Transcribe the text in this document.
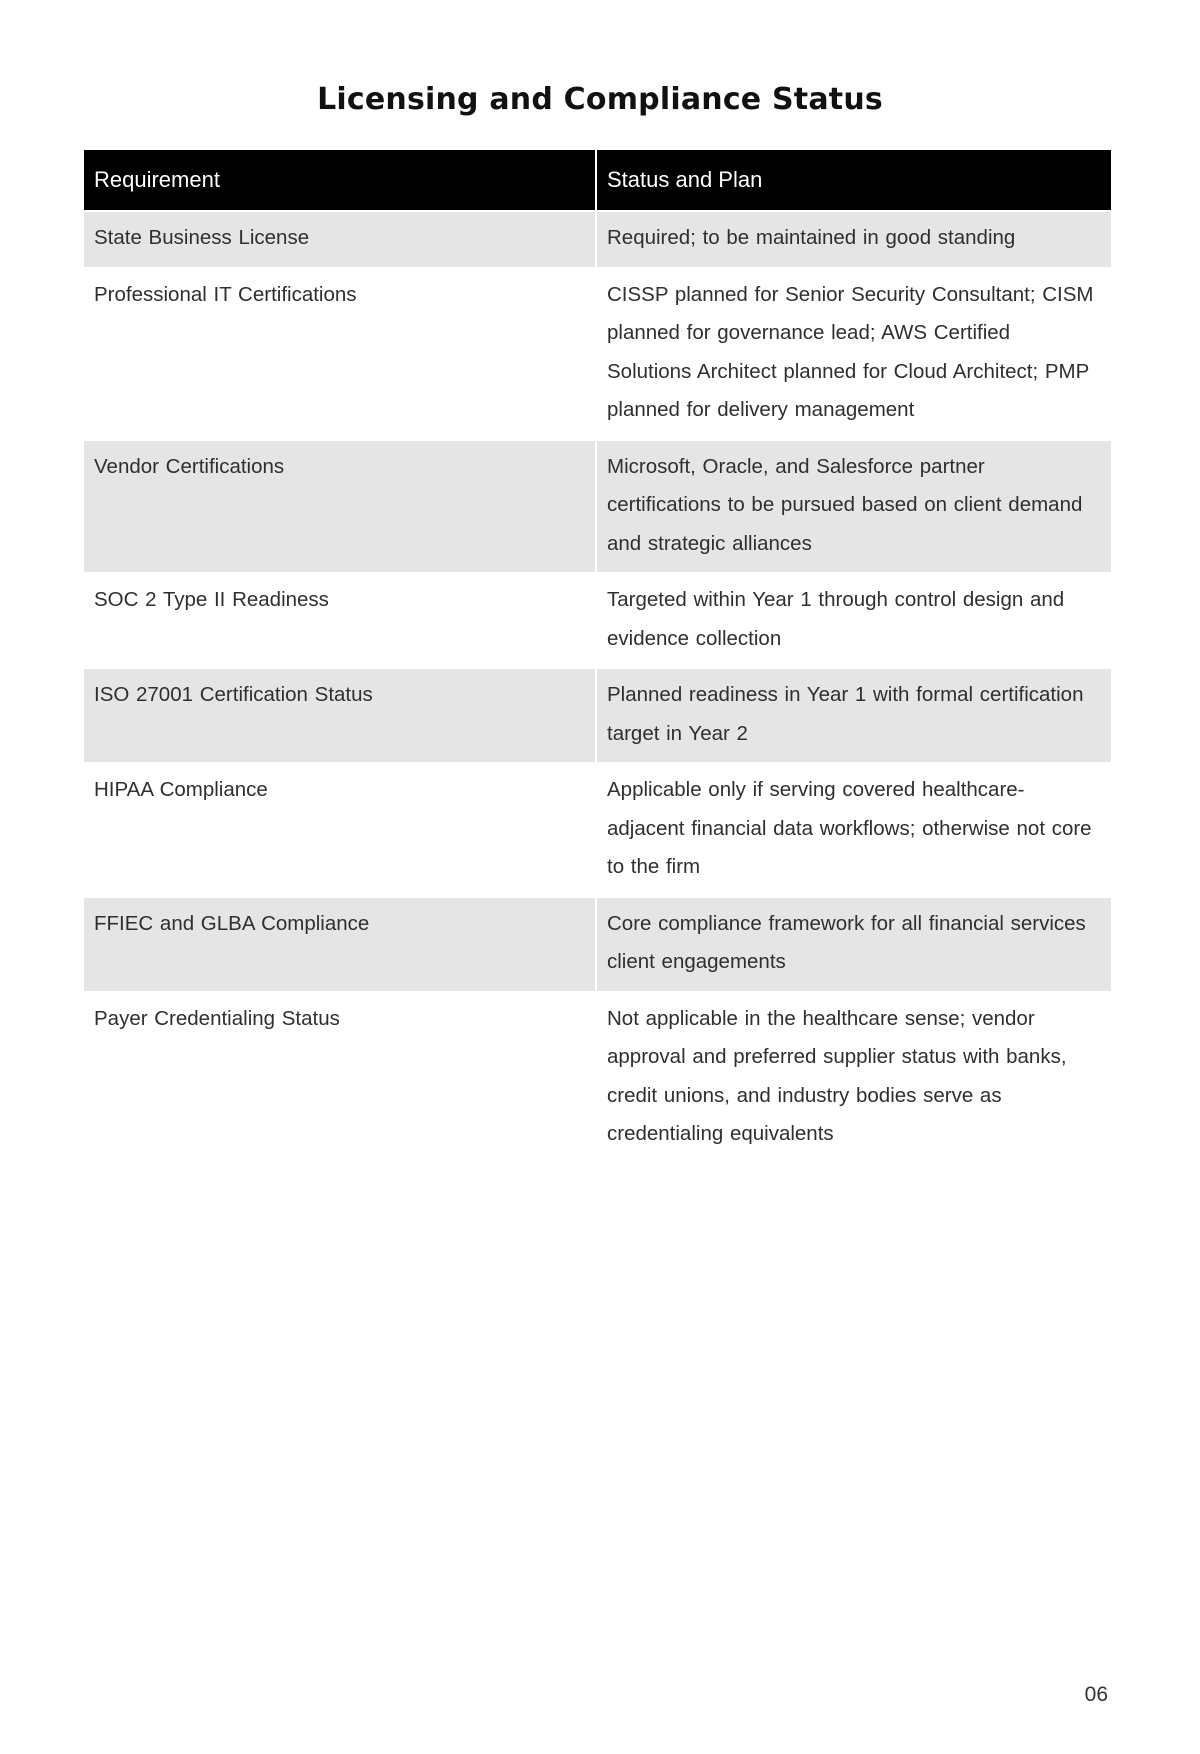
Licensing and Compliance Status
Requirement	Status and Plan
State Business License	Required; to be maintained in good standing
Professional IT Certifications	CISSP planned for Senior Security Consultant; CISM planned for governance lead; AWS Certified Solutions Architect planned for Cloud Architect; PMP planned for delivery management
Vendor Certifications	Microsoft, Oracle, and Salesforce partner certifications to be pursued based on client demand and strategic alliances
SOC 2 Type II Readiness	Targeted within Year 1 through control design and evidence collection
ISO 27001 Certification Status	Planned readiness in Year 1 with formal certification target in Year 2
HIPAA Compliance	Applicable only if serving covered healthcare-adjacent financial data workflows; otherwise not core to the firm
FFIEC and GLBA Compliance	Core compliance framework for all financial services client engagements
Payer Credentialing Status	Not applicable in the healthcare sense; vendor approval and preferred supplier status with banks, credit unions, and industry bodies serve as credentialing equivalents
06
